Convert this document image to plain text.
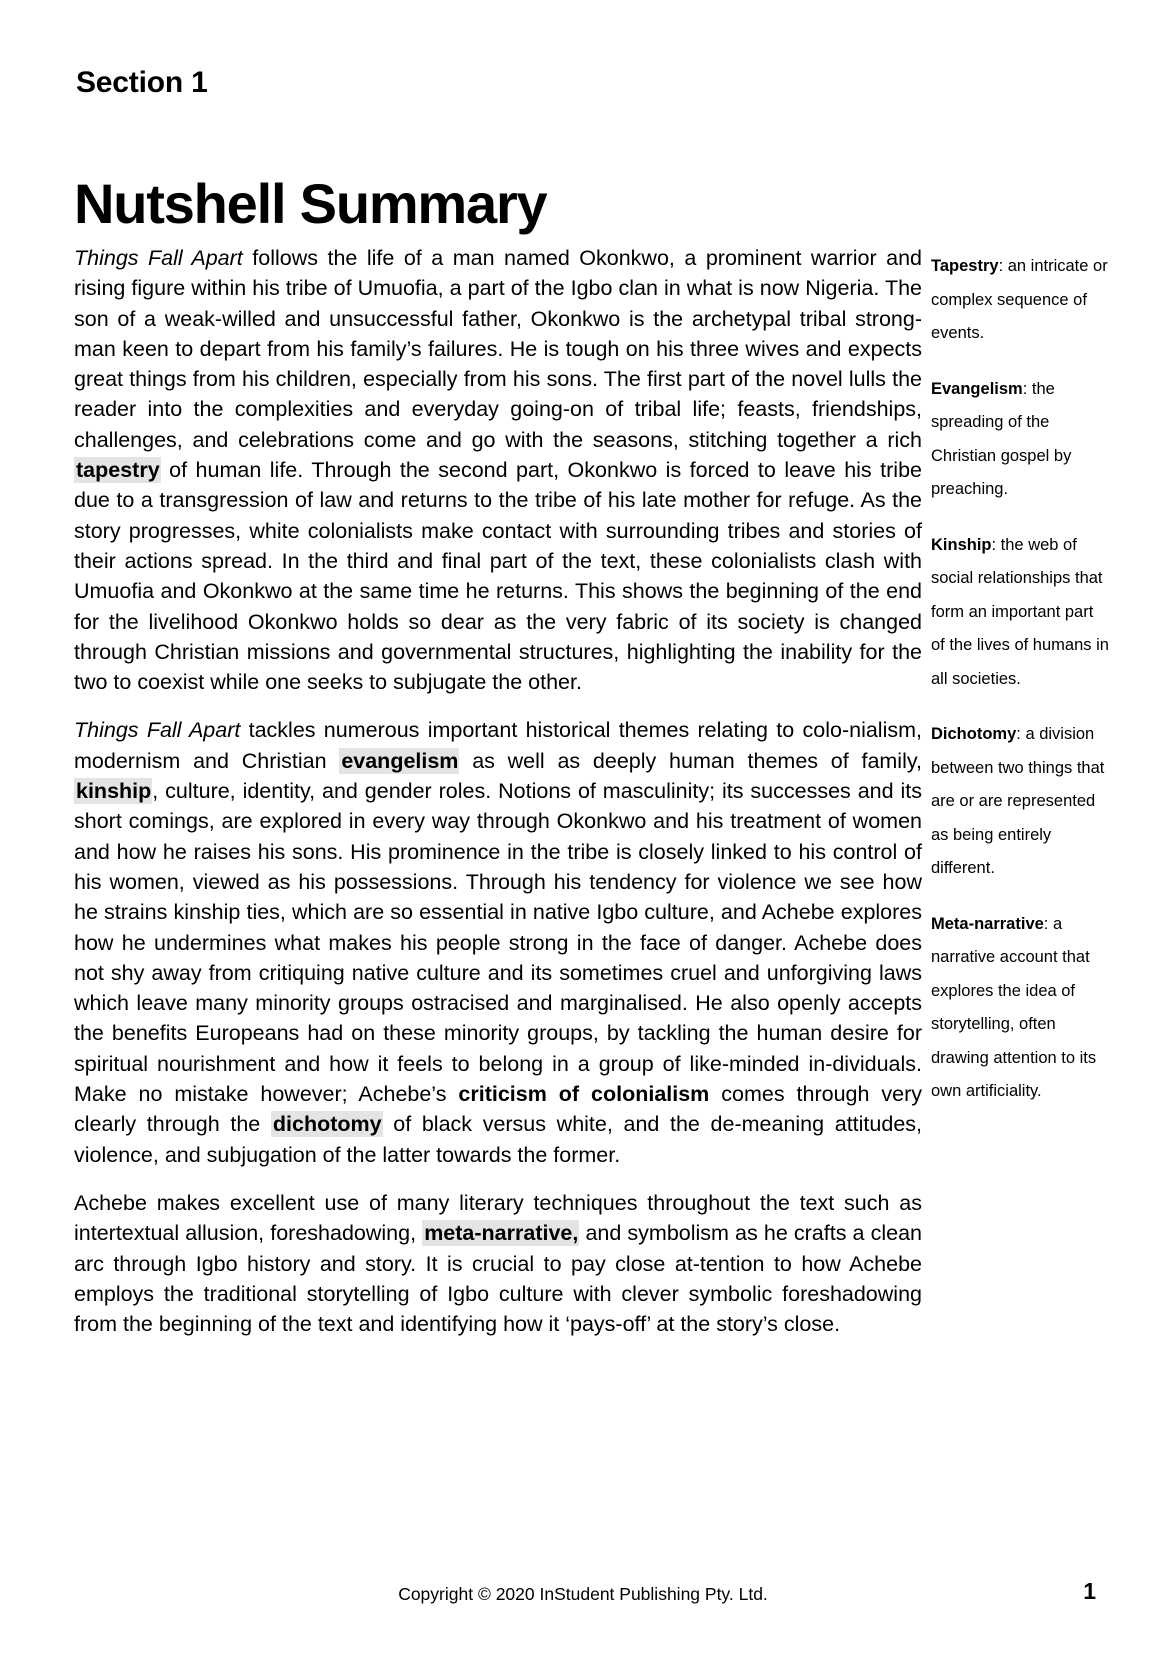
Section 1
Nutshell Summary

Things Fall Apart follows the life of a man named Okonkwo, a prominent warrior and rising figure within his tribe of Umuofia, a part of the Igbo clan in what is now Nigeria. The son of a weak-willed and unsuccessful father, Okonkwo is the archetypal tribal strong-man keen to depart from his family’s failures. He is tough on his three wives and expects great things from his children, especially from his sons. The first part of the novel lulls the reader into the complexities and everyday going-on of tribal life; feasts, friendships, challenges, and celebrations come and go with the seasons, stitching together a rich tapestry of human life. Through the second part, Okonkwo is forced to leave his tribe due to a transgression of law and returns to the tribe of his late mother for refuge. As the story progresses, white colonialists make contact with surrounding tribes and stories of their actions spread. In the third and final part of the text, these colonialists clash with Umuofia and Okonkwo at the same time he returns. This shows the beginning of the end for the livelihood Okonkwo holds so dear as the very fabric of its society is changed through Christian missions and governmental structures, highlighting the inability for the two to coexist while one seeks to subjugate the other.

Things Fall Apart tackles numerous important historical themes relating to colo-nialism, modernism and Christian evangelism as well as deeply human themes of family, kinship, culture, identity, and gender roles. Notions of masculinity; its successes and its short comings, are explored in every way through Okonkwo and his treatment of women and how he raises his sons. His prominence in the tribe is closely linked to his control of his women, viewed as his possessions. Through his tendency for violence we see how he strains kinship ties, which are so essential in native Igbo culture, and Achebe explores how he undermines what makes his people strong in the face of danger. Achebe does not shy away from critiquing native culture and its sometimes cruel and unforgiving laws which leave many minority groups ostracised and marginalised. He also openly accepts the benefits Europeans had on these minority groups, by tackling the human desire for spiritual nourishment and how it feels to belong in a group of like-minded in-dividuals. Make no mistake however; Achebe’s criticism of colonialism comes through very clearly through the dichotomy of black versus white, and the de-meaning attitudes, violence, and subjugation of the latter towards the former.

Achebe makes excellent use of many literary techniques throughout the text such as intertextual allusion, foreshadowing, meta-narrative, and symbolism as he crafts a clean arc through Igbo history and story. It is crucial to pay close at-tention to how Achebe employs the traditional storytelling of Igbo culture with clever symbolic foreshadowing from the beginning of the text and identifying how it ‘pays-off’ at the story’s close.

Tapestry: an intricate or complex sequence of events.

Evangelism: the spreading of the Christian gospel by preaching.

Kinship: the web of social relationships that form an important part of the lives of humans in all societies.

Dichotomy: a division between two things that are or are represented as being entirely different.

Meta-narrative: a narrative account that explores the idea of storytelling, often drawing attention to its own artificiality.

Copyright © 2020 InStudent Publishing Pty. Ltd.	1
